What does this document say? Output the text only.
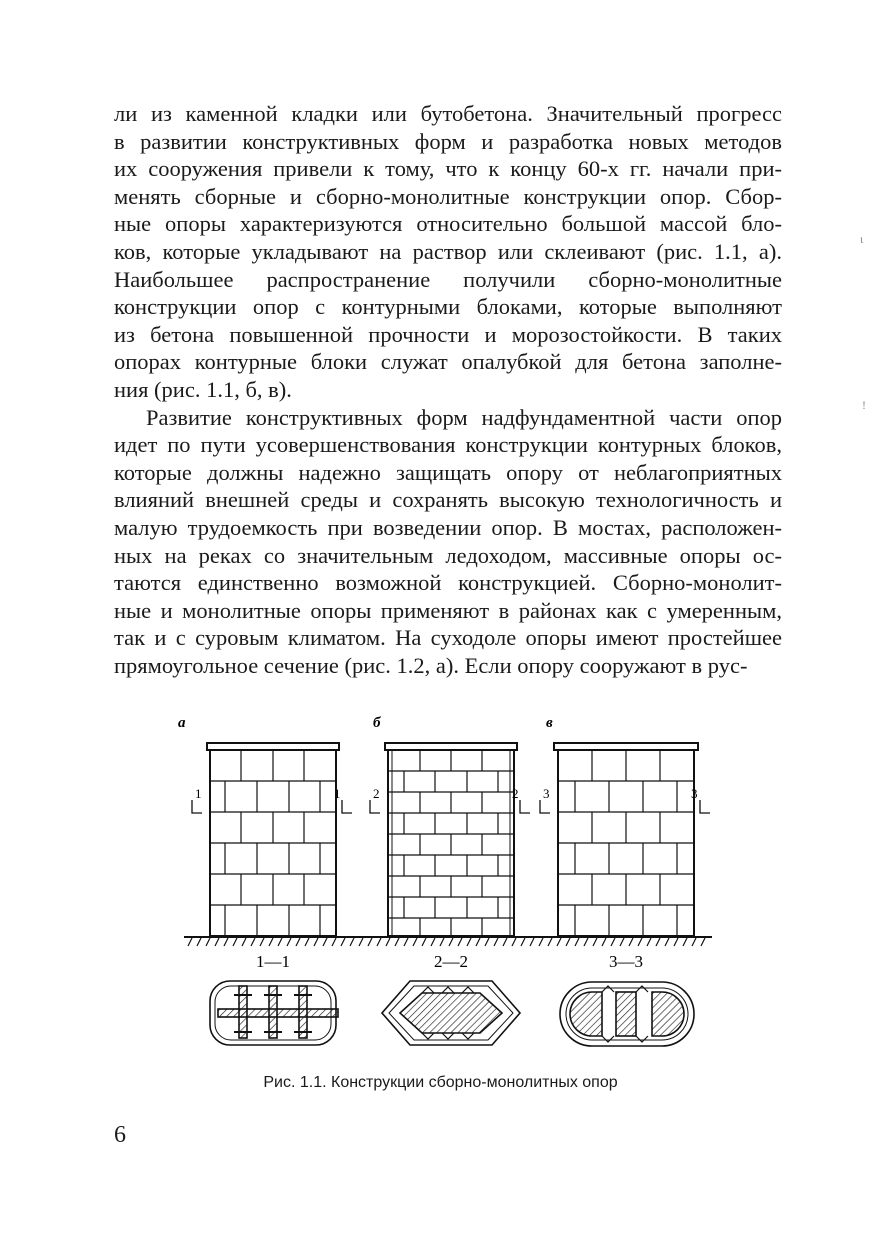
ли из каменной кладки или бутобетона. Значительный прогресс
в развитии конструктивных форм и разработка новых методов
их сооружения привели к тому, что к концу 60-х гг. начали при-
менять сборные и сборно-монолитные конструкции опор. Сбор-
ные опоры характеризуются относительно большой массой бло-
ков, которые укладывают на раствор или склеивают (рис. 1.1, а).
Наибольшее распространение получили сборно-монолитные
конструкции опор с контурными блоками, которые выполняют
из бетона повышенной прочности и морозостойкости. В таких
опорах контурные блоки служат опалубкой для бетона заполне-
ния (рис. 1.1, б, в).
Развитие конструктивных форм надфундаментной части опор
идет по пути усовершенствования конструкции контурных блоков,
которые должны надежно защищать опору от неблагоприятных
влияний внешней среды и сохранять высокую технологичность и
малую трудоемкость при возведении опор. В мостах, расположен-
ных на реках со значительным ледоходом, массивные опоры ос-
таются единственно возможной конструкцией. Сборно-монолит-
ные и монолитные опоры применяют в районах как с умеренным,
так и с суровым климатом. На суходоле опоры имеют простейшее
прямоугольное сечение (рис. 1.2, а). Если опору сооружают в рус-
ι
!
а	б	в
1	1	2	2 3	3
1—1	2—2	3—3
Рис. 1.1. Конструкции сборно-монолитных опор
6
